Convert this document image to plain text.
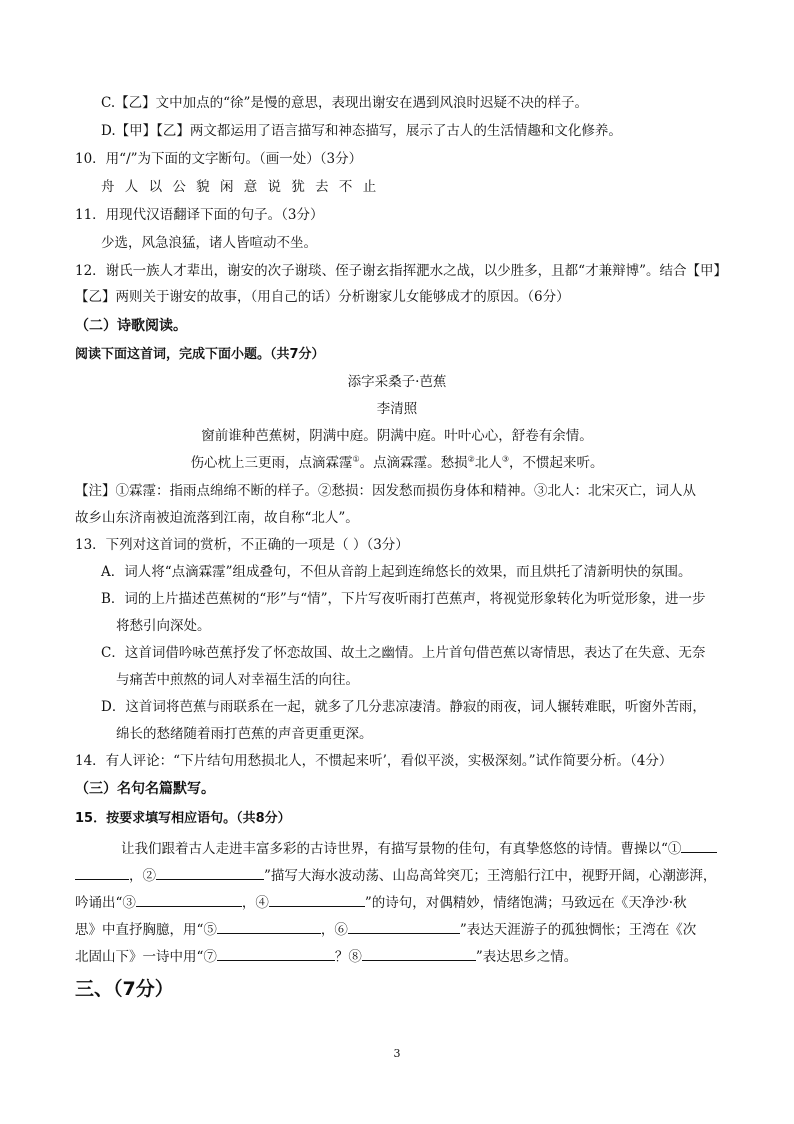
C.【乙】文中加点的“徐”是慢的意思，表现出谢安在遇到风浪时迟疑不决的样子。
D.【甲】【乙】两文都运用了语言描写和神态描写，展示了古人的生活情趣和文化修养。
10．用“/”为下面的文字断句。（画一处）（3分）
舟 人 以 公 貌 闲 意 说 犹 去 不 止
11．用现代汉语翻译下面的句子。（3分）
少选，风急浪猛，诸人皆喧动不坐。
12．谢氏一族人才辈出，谢安的次子谢琰、侄子谢玄指挥淝水之战，以少胜多，且都“才兼辩博”。结合【甲】
【乙】两则关于谢安的故事，（用自己的话）分析谢家儿女能够成才的原因。（6分）
（二）诗歌阅读。
阅读下面这首词，完成下面小题。（共7分）
添字采桑子·芭蕉
李清照
窗前谁种芭蕉树，阴满中庭。阴满中庭。叶叶心心，舒卷有余情。
伤心枕上三更雨，点滴霖霪①。点滴霖霪。愁损②北人③，不惯起来听。
【注】①霖霪：指雨点绵绵不断的样子。②愁损：因发愁而损伤身体和精神。③北人：北宋灭亡，词人从
故乡山东济南被迫流落到江南，故自称“北人”。
13．下列对这首词的赏析，不正确的一项是（ ）（3分）
A．词人将“点滴霖霪”组成叠句，不但从音韵上起到连绵悠长的效果，而且烘托了清新明快的氛围。
B．词的上片描述芭蕉树的“形”与“情”，下片写夜听雨打芭蕉声，将视觉形象转化为听觉形象，进一步
将愁引向深处。
C．这首词借吟咏芭蕉抒发了怀恋故国、故土之幽情。上片首句借芭蕉以寄情思，表达了在失意、无奈
与痛苦中煎熬的词人对幸福生活的向往。
D．这首词将芭蕉与雨联系在一起，就多了几分悲凉凄清。静寂的雨夜，词人辗转难眠，听窗外苦雨，
绵长的愁绪随着雨打芭蕉的声音更重更深。
14．有人评论：“下片结句用愁损北人，不惯起来听’，看似平淡，实极深刻。”试作简要分析。（4分）
（三）名句名篇默写。
15．按要求填写相应语句。（共8分）
让我们跟着古人走进丰富多彩的古诗世界，有描写景物的佳句，有真挚悠悠的诗情。曹操以“①
，②	”描写大海水波动荡、山岛高耸突兀；王湾船行江中，视野开阔，心潮澎湃，
吟诵出“③	，④	”的诗句，对偶精妙，情绪饱满；马致远在《天净沙·秋
思》中直抒胸臆，用“⑤	，⑥	”表达天涯游子的孤独惆怅；王湾在《次
北固山下》一诗中用“⑦	？⑧	”表达思乡之情。
三、（7分）
3
